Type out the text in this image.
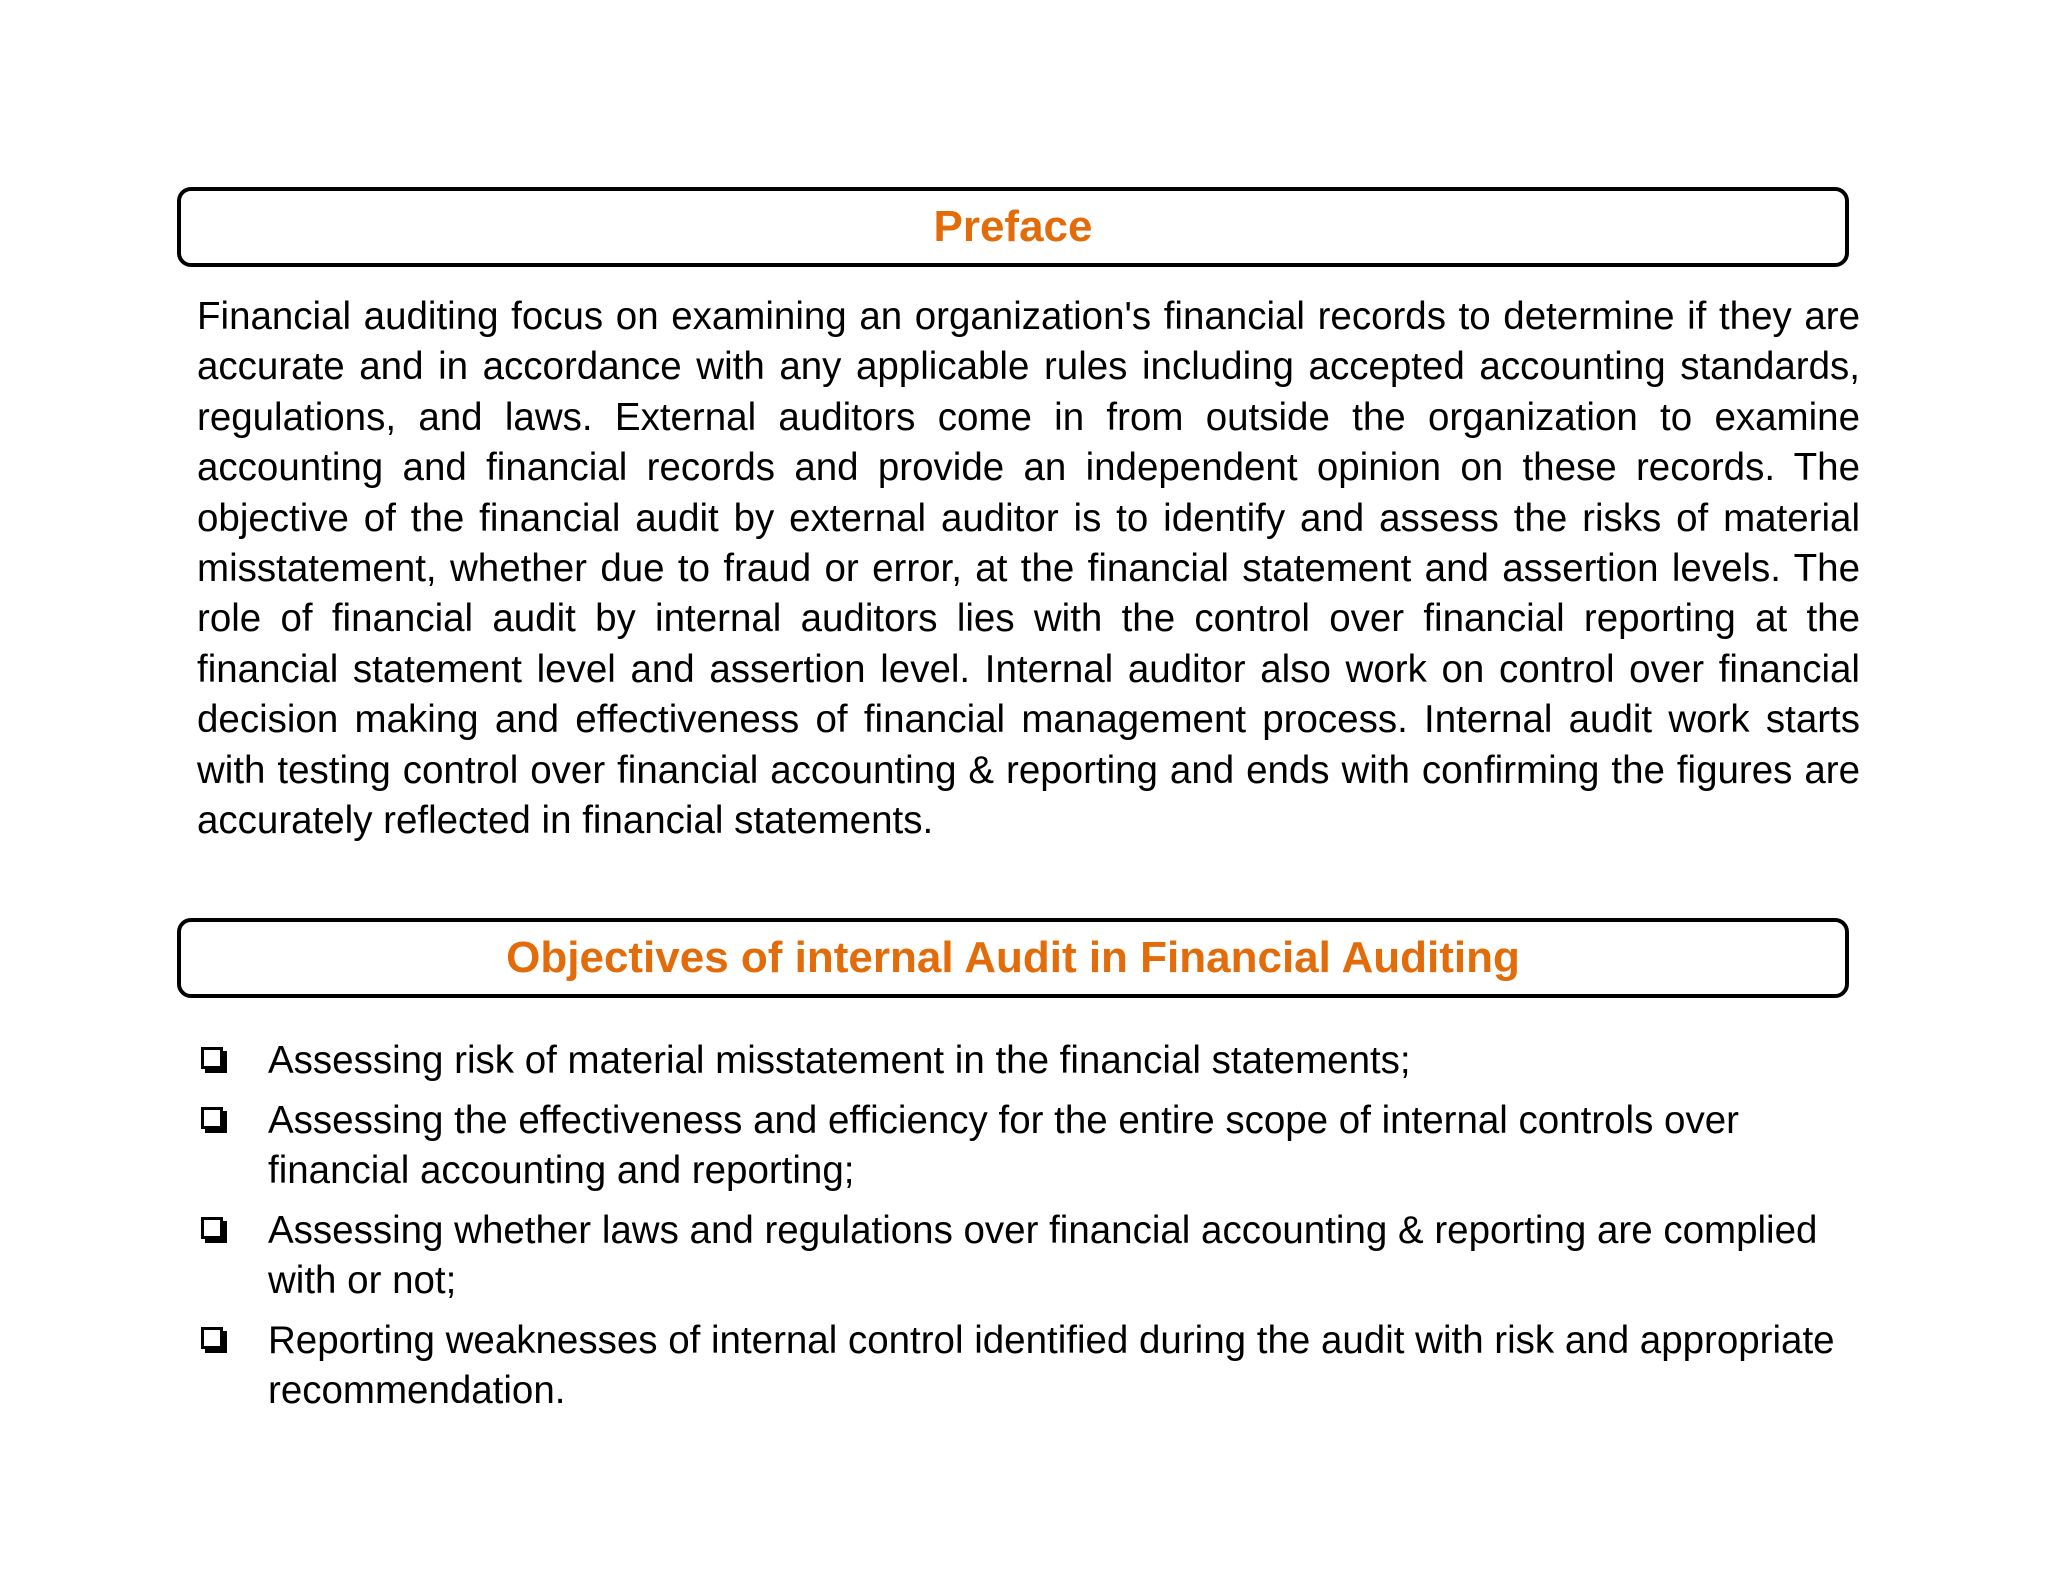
Preface

Financial auditing focus on examining an organization's financial records to determine if they are accurate and in accordance with any applicable rules including accepted accounting standards, regulations, and laws. External auditors come in from outside the organization to examine accounting and financial records and provide an independent opinion on these records. The objective of the financial audit by external auditor is to identify and assess the risks of material misstatement, whether due to fraud or error, at the financial statement and assertion levels. The role of financial audit by internal auditors lies with the control over financial reporting at the financial statement level and assertion level. Internal auditor also work on control over financial decision making and effectiveness of financial management process. Internal audit work starts with testing control over financial accounting & reporting and ends with confirming the figures are accurately reflected in financial statements.

Objectives of internal Audit in Financial Auditing
Assessing risk of material misstatement in the financial statements;
Assessing the effectiveness and efficiency for the entire scope of internal controls over financial accounting and reporting;
Assessing whether laws and regulations over financial accounting & reporting are complied with or not;
Reporting weaknesses of internal control identified during the audit with risk and appropriate recommendation.
